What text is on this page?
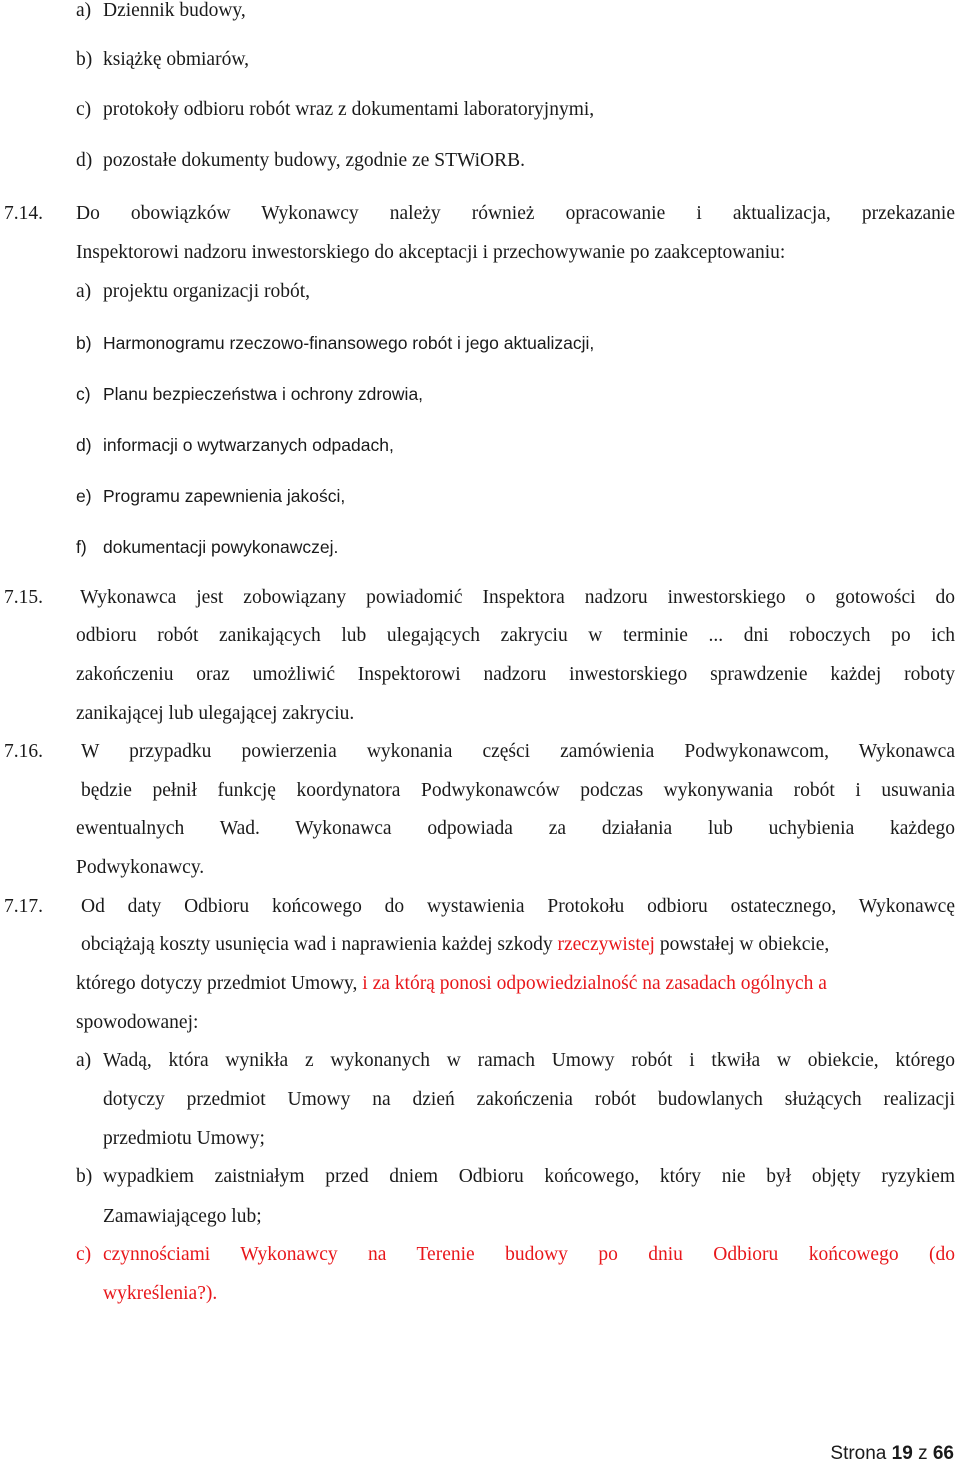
a) Dziennik budowy,
b) książkę obmiarów,
c) protokoły odbioru robót wraz z dokumentami laboratoryjnymi,
d) pozostałe dokumenty budowy, zgodnie ze STWiORB.
7.14. Do obowiązków Wykonawcy należy również opracowanie i aktualizacja, przekazanie
Inspektorowi nadzoru inwestorskiego do akceptacji i przechowywanie po zaakceptowaniu:
a) projektu organizacji robót,
b) Harmonogramu rzeczowo-finansowego robót i jego aktualizacji,
c) Planu bezpieczeństwa i ochrony zdrowia,
d) informacji o wytwarzanych odpadach,
e) Programu zapewnienia jakości,
f) dokumentacji powykonawczej.
7.15. Wykonawca jest zobowiązany powiadomić Inspektora nadzoru inwestorskiego o gotowości do
odbioru robót zanikających lub ulegających zakryciu w terminie ... dni roboczych po ich
zakończeniu oraz umożliwić Inspektorowi nadzoru inwestorskiego sprawdzenie każdej roboty
zanikającej lub ulegającej zakryciu.
7.16. W przypadku powierzenia wykonania części zamówienia Podwykonawcom, Wykonawca
będzie pełnił funkcję koordynatora Podwykonawców podczas wykonywania robót i usuwania
ewentualnych Wad. Wykonawca odpowiada za działania lub uchybienia każdego
Podwykonawcy.
7.17. Od daty Odbioru końcowego do wystawienia Protokołu odbioru ostatecznego, Wykonawcę
obciążają koszty usunięcia wad i naprawienia każdej szkody rzeczywistej powstałej w obiekcie,
którego dotyczy przedmiot Umowy, i za którą ponosi odpowiedzialność na zasadach ogólnych a
spowodowanej:
a) Wadą, która wynikła z wykonanych w ramach Umowy robót i tkwiła w obiekcie, którego
dotyczy przedmiot Umowy na dzień zakończenia robót budowlanych służących realizacji
przedmiotu Umowy;
b) wypadkiem zaistniałym przed dniem Odbioru końcowego, który nie był objęty ryzykiem
Zamawiającego lub;
c) czynnościami Wykonawcy na Terenie budowy po dniu Odbioru końcowego (do
wykreślenia?).
Strona 19 z 66
